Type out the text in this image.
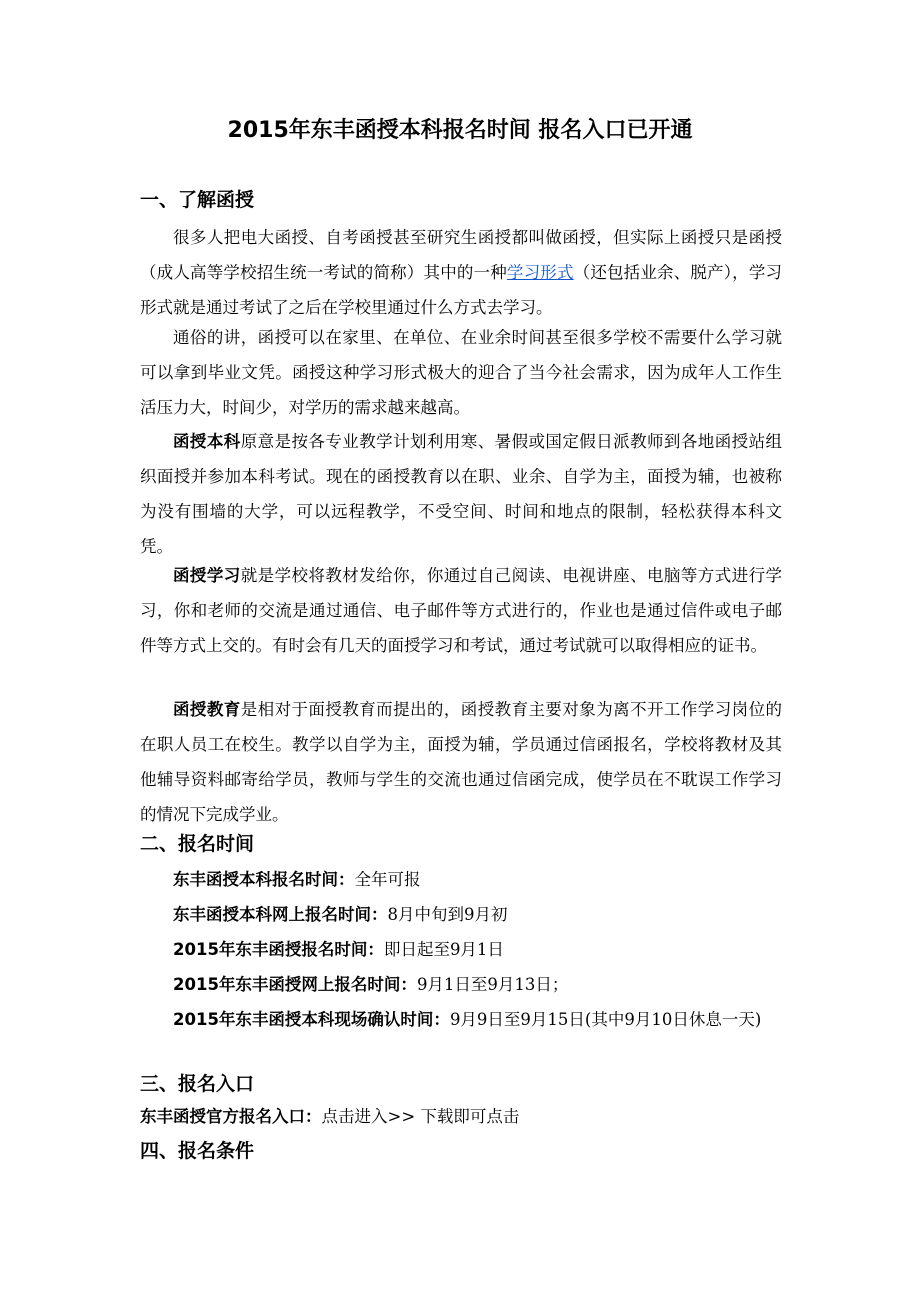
2015年东丰函授本科报名时间 报名入口已开通
一、了解函授

很多人把电大函授、自考函授甚至研究生函授都叫做函授，但实际上函授只是函授（成人高等学校招生统一考试的简称）其中的一种学习形式（还包括业余、脱产），学习形式就是通过考试了之后在学校里通过什么方式去学习。

通俗的讲，函授可以在家里、在单位、在业余时间甚至很多学校不需要什么学习就可以拿到毕业文凭。函授这种学习形式极大的迎合了当今社会需求，因为成年人工作生活压力大，时间少，对学历的需求越来越高。

函授本科原意是按各专业教学计划利用寒、暑假或国定假日派教师到各地函授站组织面授并参加本科考试。现在的函授教育以在职、业余、自学为主，面授为辅，也被称为没有围墙的大学，可以远程教学，不受空间、时间和地点的限制，轻松获得本科文凭。

函授学习就是学校将教材发给你，你通过自己阅读、电视讲座、电脑等方式进行学习，你和老师的交流是通过通信、电子邮件等方式进行的，作业也是通过信件或电子邮件等方式上交的。有时会有几天的面授学习和考试，通过考试就可以取得相应的证书。

函授教育是相对于面授教育而提出的，函授教育主要对象为离不开工作学习岗位的在职人员工在校生。教学以自学为主，面授为辅，学员通过信函报名，学校将教材及其他辅导资料邮寄给学员，教师与学生的交流也通过信函完成，使学员在不耽误工作学习的情况下完成学业。

二、报名时间

东丰函授本科报名时间：全年可报

东丰函授本科网上报名时间：8月中旬到9月初

2015年东丰函授报名时间：即日起至9月1日

2015年东丰函授网上报名时间：9月1日至9月13日；

2015年东丰函授本科现场确认时间：9月9日至9月15日(其中9月10日休息一天)

三、报名入口

东丰函授官方报名入口：点击进入>> 下载即可点击

四、报名条件
